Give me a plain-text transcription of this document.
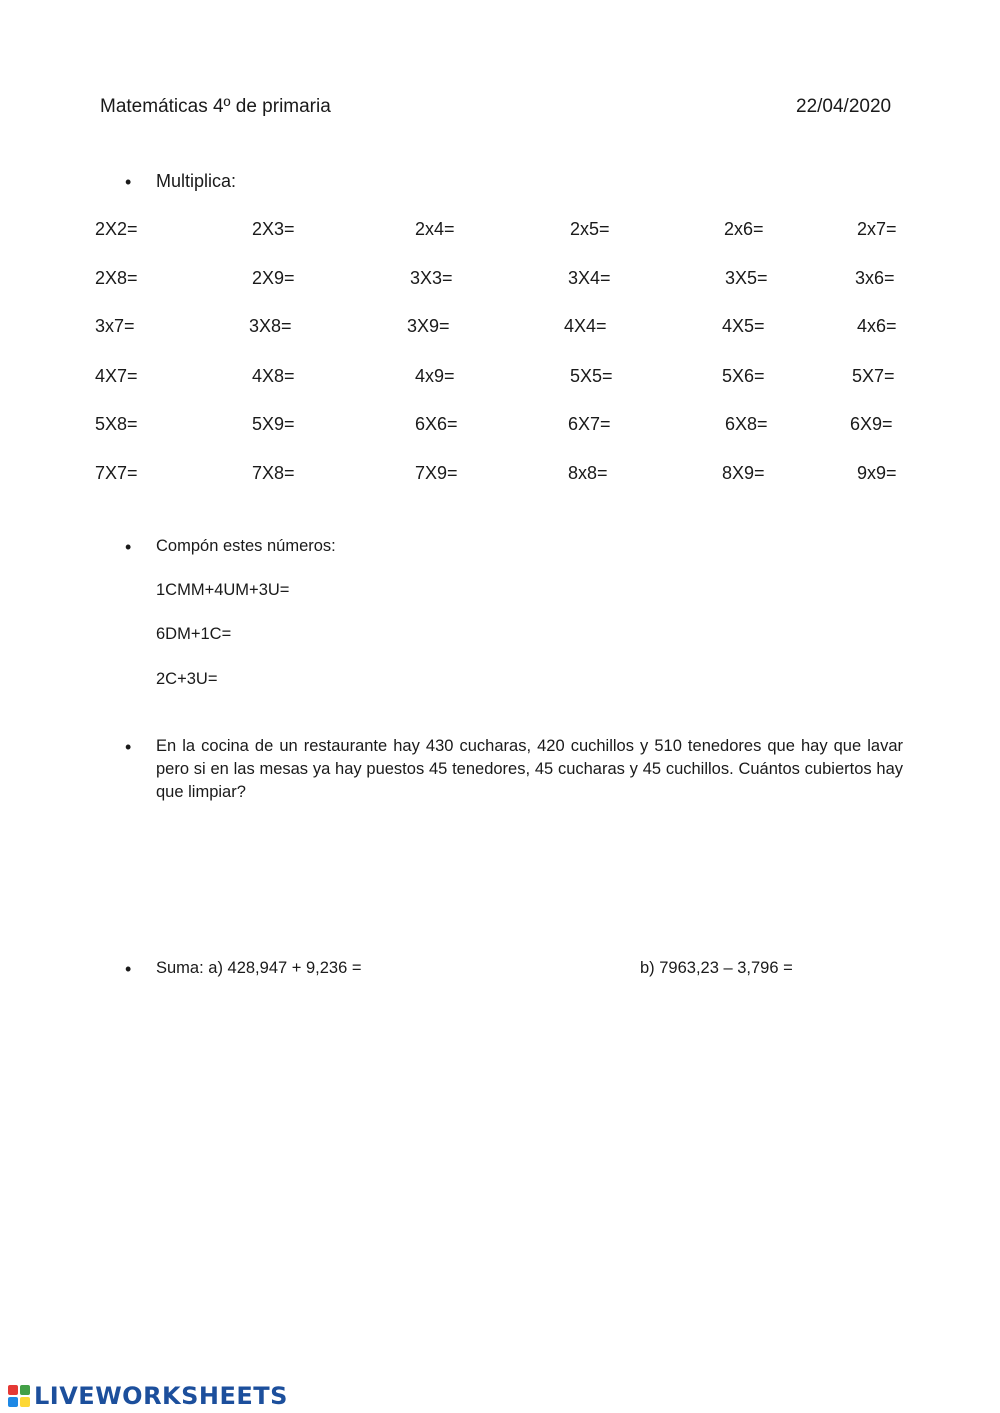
Matemáticas 4º de primaria	22/04/2020
• Multiplica:
2X2=	2X3=	2x4=	2x5=	2x6=	2x7=
2X8=	2X9=	3X3=	3X4=	3X5=	3x6=
3x7=	3X8=	3X9=	4X4=	4X5=	4x6=
4X7=	4X8=	4x9=	5X5=	5X6=	5X7=
5X8=	5X9=	6X6=	6X7=	6X8=	6X9=
7X7=	7X8=	7X9=	8x8=	8X9=	9x9=
• Compón estes números:
1CMM+4UM+3U=
6DM+1C=
2C+3U=
• En la cocina de un restaurante hay 430 cucharas, 420 cuchillos y 510 tenedores que hay que lavar pero si en las mesas ya hay puestos 45 tenedores, 45 cucharas y 45 cuchillos. Cuántos cubiertos hay que limpiar?
• Suma: a) 428,947 + 9,236 =	b) 7963,23 – 3,796 =
LIVEWORKSHEETS
